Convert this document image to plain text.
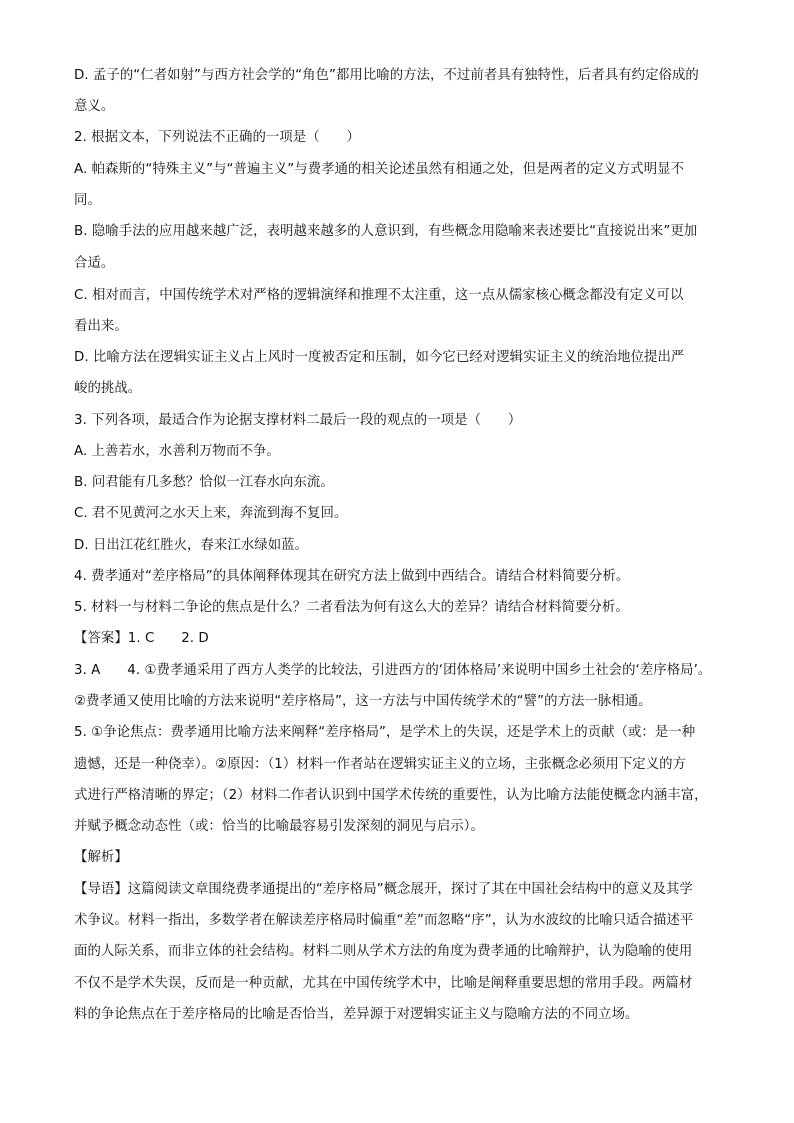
D. 孟子的“仁者如射”与西方社会学的“角色”都用比喻的方法，不过前者具有独特性，后者具有约定俗成的
意义。
2. 根据文本，下列说法不正确的一项是（　　）
A. 帕森斯的“特殊主义”与“普遍主义”与费孝通的相关论述虽然有相通之处，但是两者的定义方式明显不
同。
B. 隐喻手法的应用越来越广泛，表明越来越多的人意识到，有些概念用隐喻来表述要比“直接说出来”更加
合适。
C. 相对而言，中国传统学术对严格的逻辑演绎和推理不太注重，这一点从儒家核心概念都没有定义可以
看出来。
D. 比喻方法在逻辑实证主义占上风时一度被否定和压制，如今它已经对逻辑实证主义的统治地位提出严
峻的挑战。
3. 下列各项，最适合作为论据支撑材料二最后一段的观点的一项是（　　）
A. 上善若水，水善利万物而不争。
B. 问君能有几多愁？恰似一江春水向东流。
C. 君不见黄河之水天上来，奔流到海不复回。
D. 日出江花红胜火，春来江水绿如蓝。
4. 费孝通对“差序格局”的具体阐释体现其在研究方法上做到中西结合。请结合材料简要分析。
5. 材料一与材料二争论的焦点是什么？二者看法为何有这么大的差异？请结合材料简要分析。
【答案】1. C　　2. D
3. A　　4. ①费孝通采用了西方人类学的比较法，引进西方的‘团体格局’来说明中国乡土社会的‘差序格局’。
②费孝通又使用比喻的方法来说明“差序格局”，这一方法与中国传统学术的“譬”的方法一脉相通。
5. ①争论焦点：费孝通用比喻方法来阐释“差序格局”，是学术上的失误，还是学术上的贡献（或：是一种
遗憾，还是一种侥幸）。②原因：（1）材料一作者站在逻辑实证主义的立场，主张概念必须用下定义的方
式进行严格清晰的界定；（2）材料二作者认识到中国学术传统的重要性，认为比喻方法能使概念内涵丰富，
并赋予概念动态性（或：恰当的比喻最容易引发深刻的洞见与启示）。
【解析】
【导语】这篇阅读文章围绕费孝通提出的“差序格局”概念展开，探讨了其在中国社会结构中的意义及其学
术争议。材料一指出，多数学者在解读差序格局时偏重“差”而忽略“序”，认为水波纹的比喻只适合描述平
面的人际关系，而非立体的社会结构。材料二则从学术方法的角度为费孝通的比喻辩护，认为隐喻的使用
不仅不是学术失误，反而是一种贡献，尤其在中国传统学术中，比喻是阐释重要思想的常用手段。两篇材
料的争论焦点在于差序格局的比喻是否恰当，差异源于对逻辑实证主义与隐喻方法的不同立场。
